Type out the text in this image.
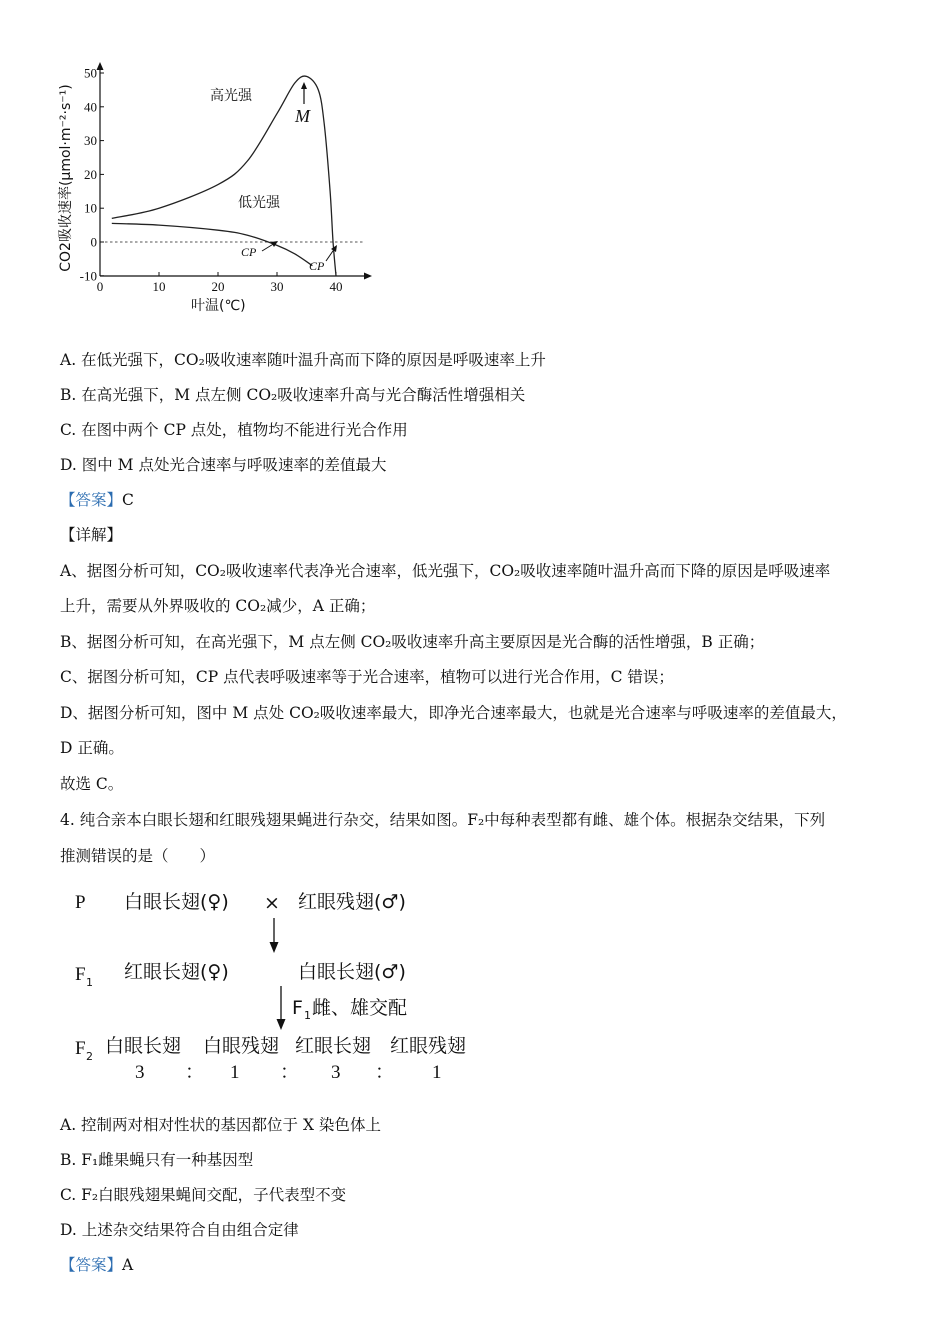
CO2吸收速率(μmol·m⁻²·s⁻¹)
50
40
30
20
10
0
-10
0	10	20	30	40
高光强
低光强
M
CP
CP
叶温(℃)
A. 在低光强下，CO₂吸收速率随叶温升高而下降的原因是呼吸速率上升
B. 在高光强下，M 点左侧 CO₂吸收速率升高与光合酶活性增强相关
C. 在图中两个 CP 点处，植物均不能进行光合作用
D. 图中 M 点处光合速率与呼吸速率的差值最大
【答案】C
【详解】
A、据图分析可知，CO₂吸收速率代表净光合速率，低光强下，CO₂吸收速率随叶温升高而下降的原因是呼吸速率
上升，需要从外界吸收的 CO₂减少，A 正确；
B、据图分析可知，在高光强下，M 点左侧 CO₂吸收速率升高主要原因是光合酶的活性增强，B 正确；
C、据图分析可知，CP 点代表呼吸速率等于光合速率，植物可以进行光合作用，C 错误；
D、据图分析可知，图中 M 点处 CO₂吸收速率最大，即净光合速率最大，也就是光合速率与呼吸速率的差值最大，
D 正确。
故选 C。
4. 纯合亲本白眼长翅和红眼残翅果蝇进行杂交，结果如图。F₂中每种表型都有雌、雄个体。根据杂交结果，下列
推测错误的是（　　）
P 白眼长翅(♀) × 红眼残翅(♂)
F 1 红眼长翅(♀)	白眼长翅(♂)
F 1 雌、雄交配
F 2 白眼长翅 白眼残翅 红眼长翅 红眼残翅
3 ： 1 ： 3 ： 1
A. 控制两对相对性状的基因都位于 X 染色体上
B. F₁雌果蝇只有一种基因型
C. F₂白眼残翅果蝇间交配，子代表型不变
D. 上述杂交结果符合自由组合定律
【答案】A
